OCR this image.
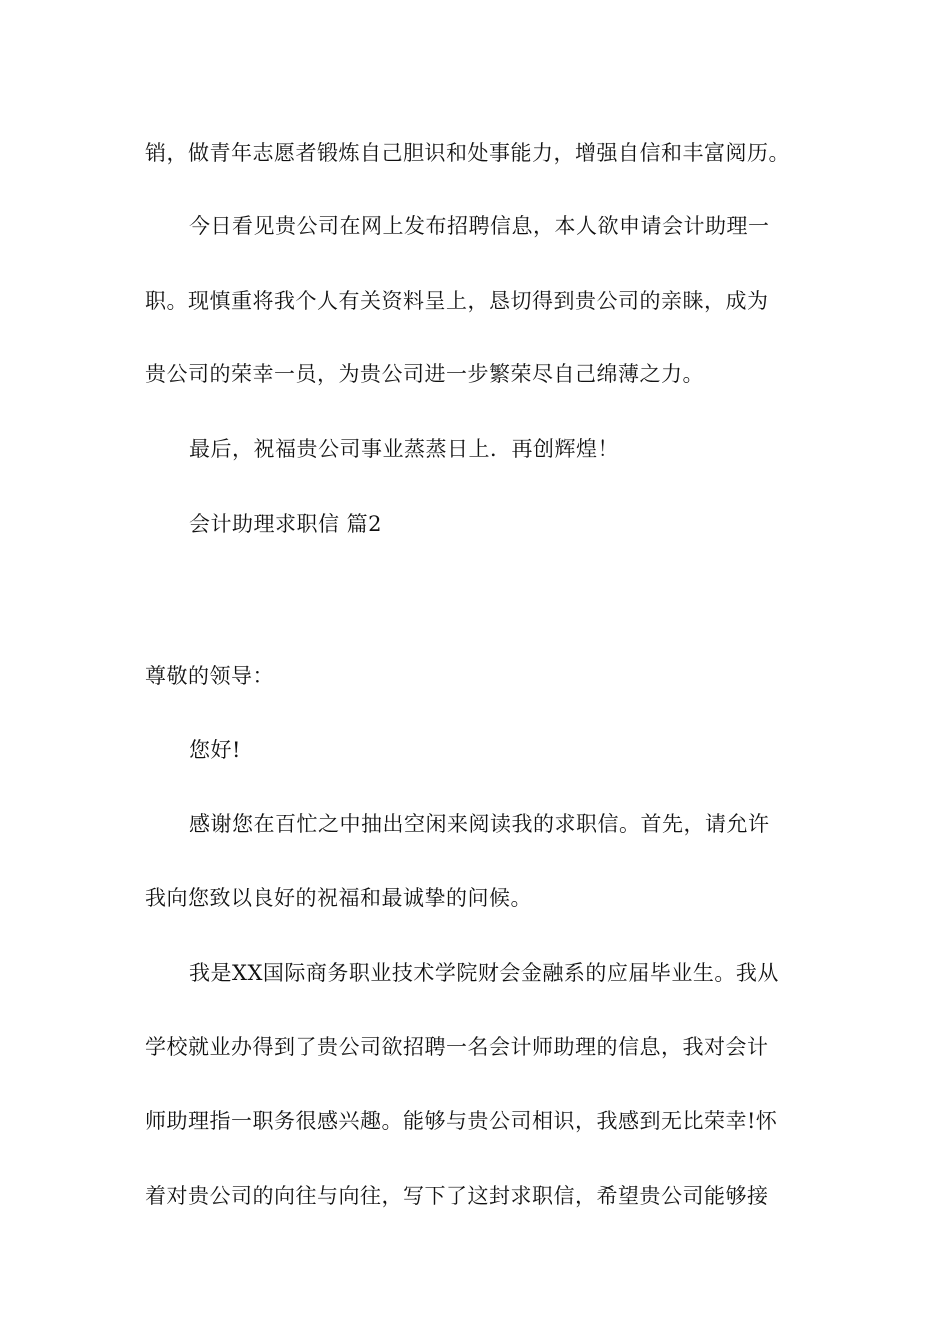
销，做青年志愿者锻炼自己胆识和处事能力，增强自信和丰富阅历。
今日看见贵公司在网上发布招聘信息，本人欲申请会计助理一
职。现慎重将我个人有关资料呈上，恳切得到贵公司的亲睐，成为
贵公司的荣幸一员，为贵公司进一步繁荣尽自己绵薄之力。
最后，祝福贵公司事业蒸蒸日上．再创辉煌！
会计助理求职信 篇2
尊敬的领导：
您好!
感谢您在百忙之中抽出空闲来阅读我的求职信。首先，请允许
我向您致以良好的祝福和最诚挚的问候。
我是XX国际商务职业技术学院财会金融系的应届毕业生。我从
学校就业办得到了贵公司欲招聘一名会计师助理的信息，我对会计
师助理指一职务很感兴趣。能够与贵公司相识，我感到无比荣幸!怀
着对贵公司的向往与向往，写下了这封求职信，希望贵公司能够接
